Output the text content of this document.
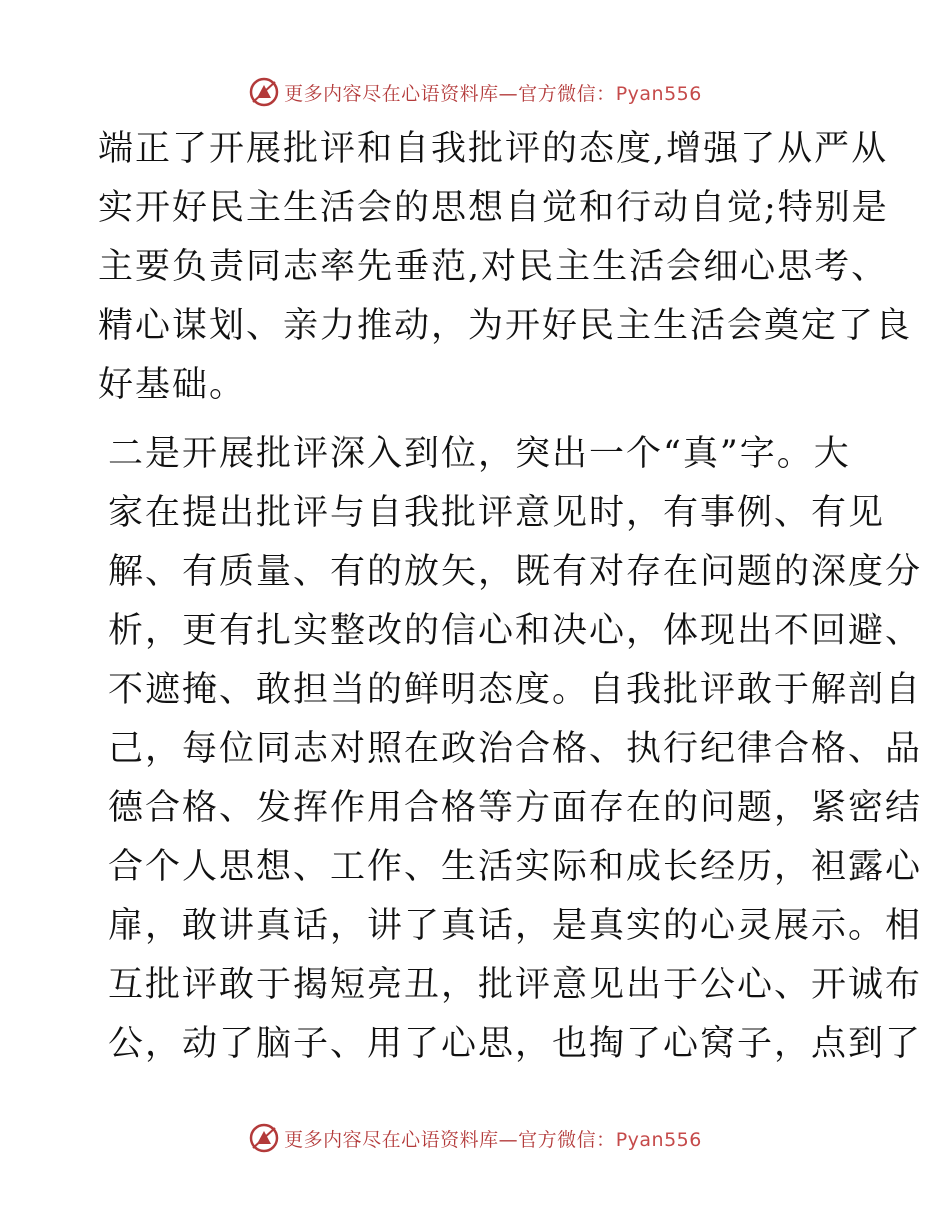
更多内容尽在心语资料库—官方微信：Pyan556

端正了开展批评和自我批评的态度,增强了从严从
实开好民主生活会的思想自觉和行动自觉;特别是
主要负责同志率先垂范,对民主生活会细心思考、
精心谋划、亲力推动，为开好民主生活会奠定了良
好基础。

二是开展批评深入到位，突出一个“真”字。大
家在提出批评与自我批评意见时，有事例、有见
解、有质量、有的放矢，既有对存在问题的深度分
析，更有扎实整改的信心和决心，体现出不回避、
不遮掩、敢担当的鲜明态度。自我批评敢于解剖自
己，每位同志对照在政治合格、执行纪律合格、品
德合格、发挥作用合格等方面存在的问题，紧密结
合个人思想、工作、生活实际和成长经历，袒露心
扉，敢讲真话，讲了真话，是真实的心灵展示。相
互批评敢于揭短亮丑，批评意见出于公心、开诚布
公，动了脑子、用了心思，也掏了心窝子，点到了

更多内容尽在心语资料库—官方微信：Pyan556
